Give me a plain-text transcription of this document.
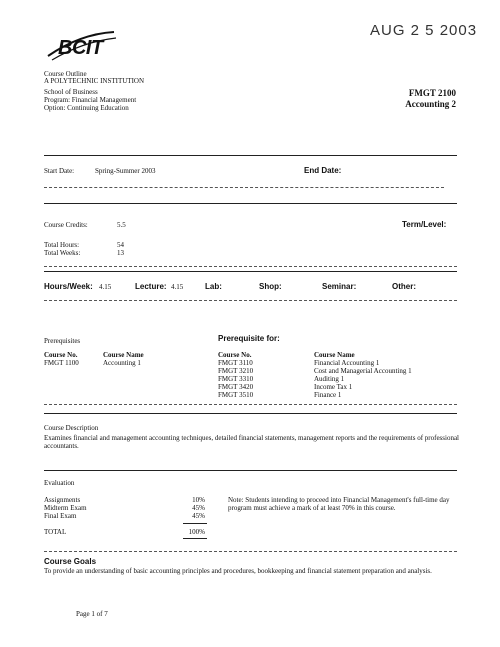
AUG 2 5 2003
BCIT
Course Outline
A POLYTECHNIC INSTITUTION
School of Business
Program: Financial Management
Option: Continuing Education
FMGT 2100
Accounting 2
Start Date:	Spring-Summer 2003	End Date:
Course Credits:	5.5	Term/Level:
Total Hours:	54
Total Weeks:	13
Hours/Week: 4.15	Lecture: 4.15	Lab:	Shop:	Seminar:	Other:
Prerequisites
Course No.	Course Name
FMGT 1100	Accounting 1
Prerequisite for:
Course No.	Course Name
FMGT 3110	Financial Accounting 1
FMGT 3210	Cost and Managerial Accounting 1
FMGT 3310	Auditing 1
FMGT 3420	Income Tax 1
FMGT 3510	Finance 1
Course Description
Examines financial and management accounting techniques, detailed financial statements, management reports and the requirements of professional accountants.
Evaluation
Assignments	10%
Midterm Exam	45%
Final Exam	45%
TOTAL	100%
Note: Students intending to proceed into Financial Management's full-time day program must achieve a mark of at least 70% in this course.
Course Goals
To provide an understanding of basic accounting principles and procedures, bookkeeping and financial statement preparation and analysis.
Page 1 of 7
